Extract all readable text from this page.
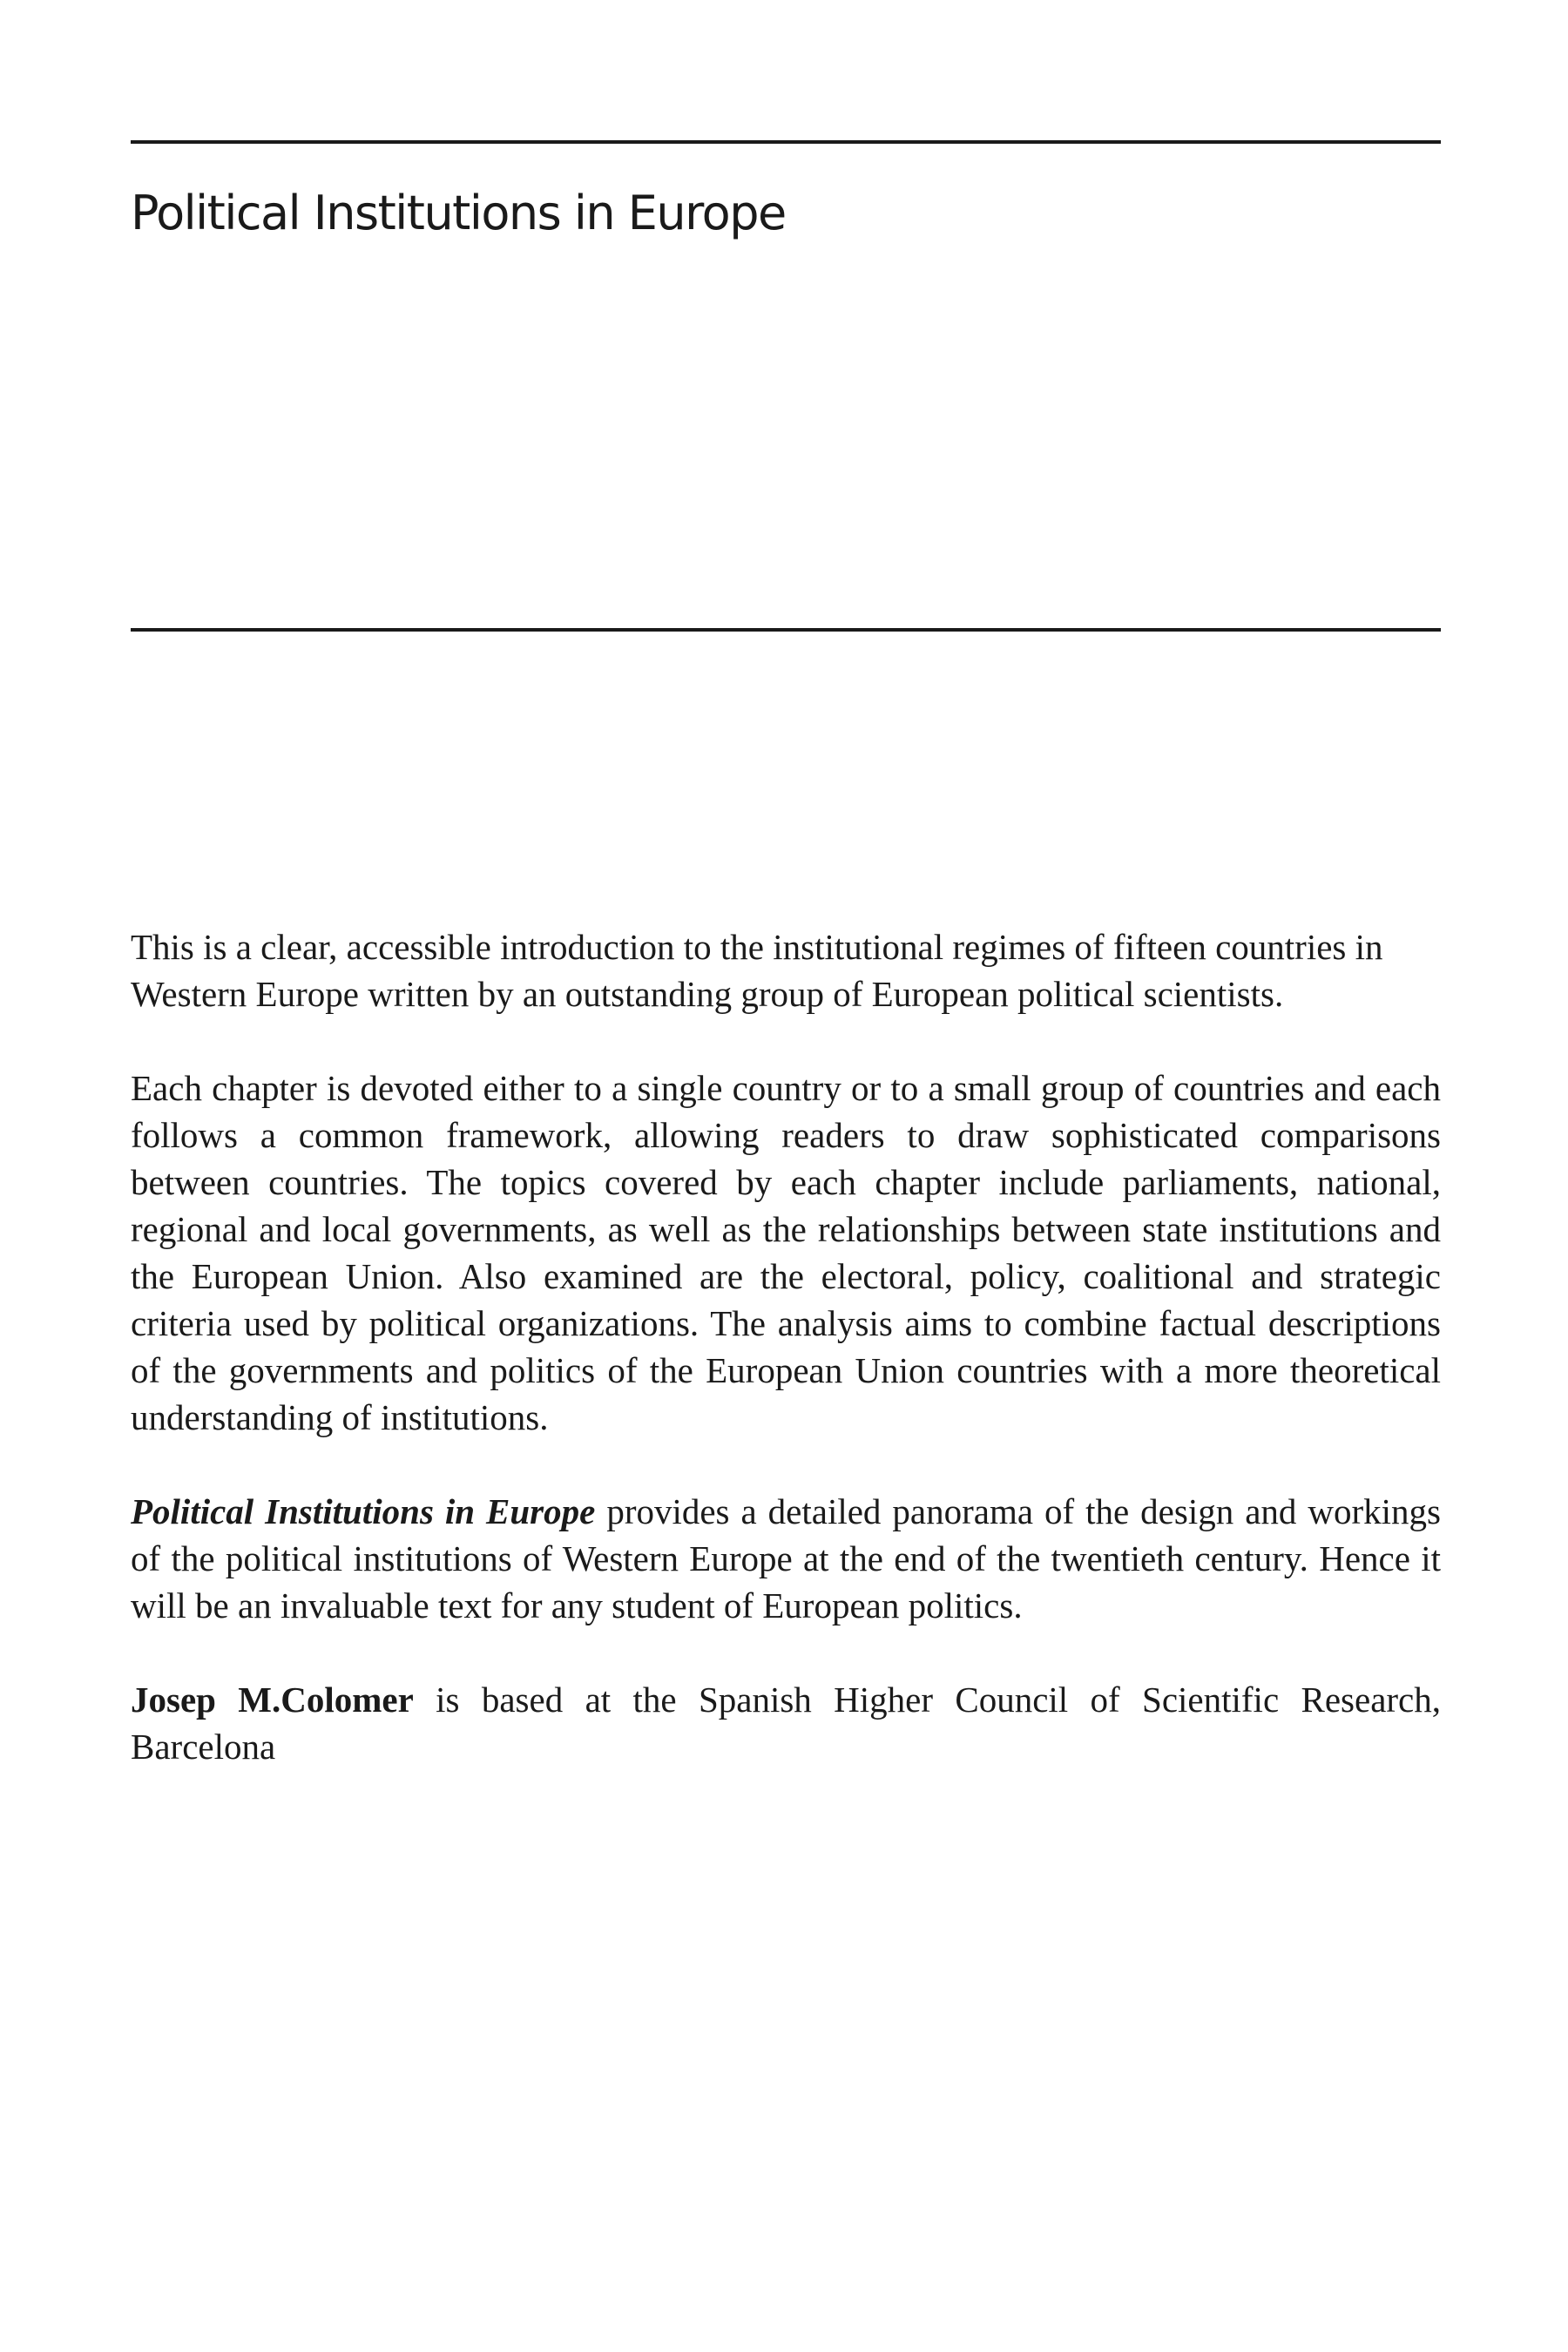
Political Institutions in Europe

This is a clear, accessible introduction to the institutional regimes of fifteen countries in Western Europe written by an outstanding group of European political scientists.

Each chapter is devoted either to a single country or to a small group of countries and each follows a common framework, allowing readers to draw sophisticated comparisons between countries. The topics covered by each chapter include parliaments, national, regional and local governments, as well as the relationships between state institutions and the European Union. Also examined are the electoral, policy, coalitional and strategic criteria used by political organizations. The analysis aims to combine factual descriptions of the governments and politics of the European Union countries with a more theoretical understanding of institutions.

Political Institutions in Europe provides a detailed panorama of the design and workings of the political institutions of Western Europe at the end of the twentieth century. Hence it will be an invaluable text for any student of European politics.

Josep M.Colomer is based at the Spanish Higher Council of Scientific Research, Barcelona
